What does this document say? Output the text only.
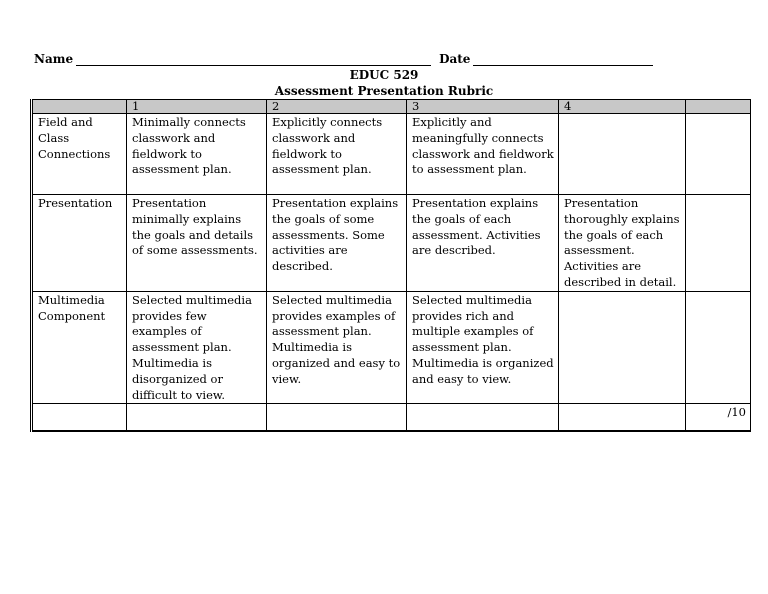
Name	Date
EDUC 529
Assessment Presentation Rubric
	1	2	3	4	
Field and Class Connections	Minimally connects classwork and fieldwork to assessment plan.	Explicitly connects classwork and fieldwork to assessment plan.	Explicitly and meaningfully connects classwork and fieldwork to assessment plan.		
Presentation	Presentation minimally explains the goals and details of some assessments.	Presentation explains the goals of some assessments. Some activities are described.	Presentation explains the goals of each assessment. Activities are described.	Presentation thoroughly explains the goals of each assessment. Activities are described in detail.	
Multimedia Component	Selected multimedia provides few examples of assessment plan. Multimedia is disorganized or difficult to view.	Selected multimedia provides examples of assessment plan. Multimedia is organized and easy to view.	Selected multimedia provides rich and multiple examples of assessment plan. Multimedia is organized and easy to view.		
					/10
